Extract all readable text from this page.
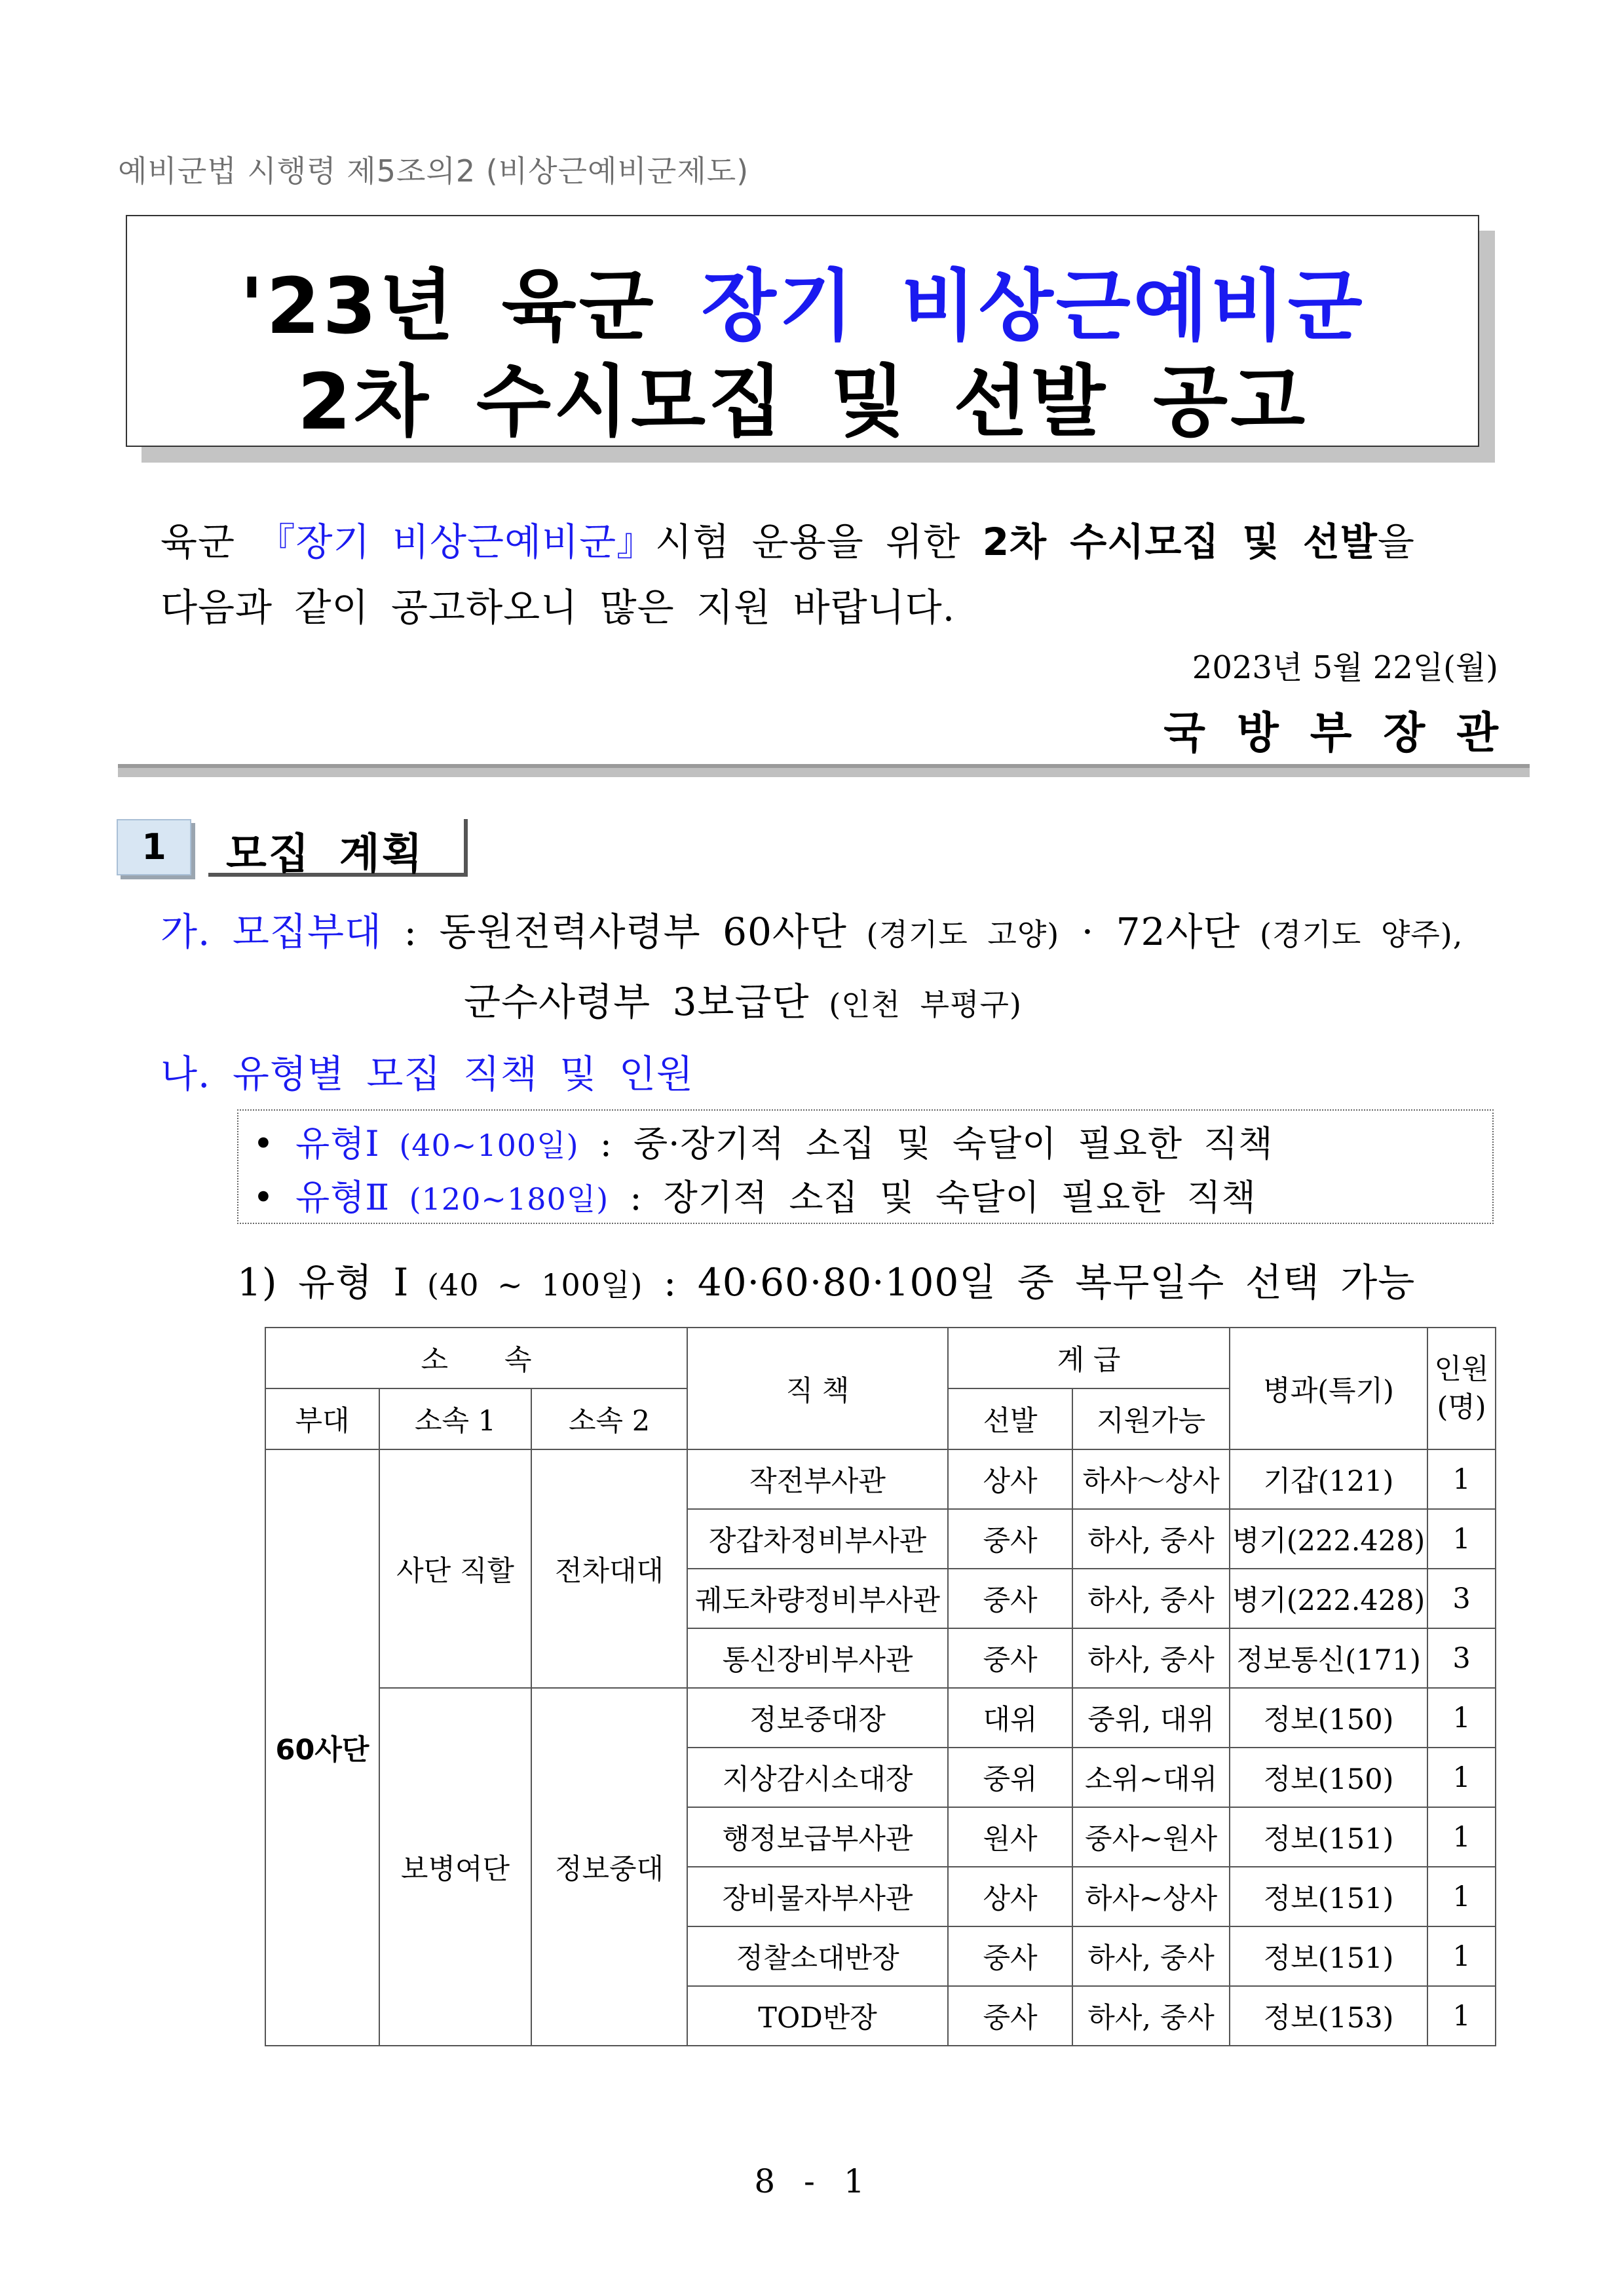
예비군법 시행령 제5조의2 (비상근예비군제도)
'23년 육군 장기 비상근예비군
2차 수시모집 및 선발 공고
육군 『장기 비상근예비군』시험 운용을 위한 2차 수시모집 및 선발을
다음과 같이 공고하오니 많은 지원 바랍니다.
2023년 5월 22일(월)
국방부장관
1	모집 계획
가. 모집부대 : 동원전력사령부 60사단 (경기도 고양) · 72사단 (경기도 양주),
군수사령부 3보급단 (인천 부평구)
나. 유형별 모집 직책 및 인원
• 유형Ⅰ (40~100일) : 중·장기적 소집 및 숙달이 필요한 직책
• 유형Ⅱ (120~180일) : 장기적 소집 및 숙달이 필요한 직책
1) 유형 Ⅰ (40 ~ 100일) : 40·60·80·100일 중 복무일수 선택 가능
소　　속			직 책	계 급		병과(특기)	인원
(명)
부대	소속 1	소속 2		선발	지원가능		
60사단	사단 직할	전차대대	작전부사관	상사	하사～상사	기갑(121)	1
			장갑차정비부사관	중사	하사, 중사	병기(222.428)	1
			궤도차량정비부사관	중사	하사, 중사	병기(222.428)	3
			통신장비부사관	중사	하사, 중사	정보통신(171)	3
	보병여단	정보중대	정보중대장	대위	중위, 대위	정보(150)	1
			지상감시소대장	중위	소위~대위	정보(150)	1
			행정보급부사관	원사	중사~원사	정보(151)	1
			장비물자부사관	상사	하사~상사	정보(151)	1
			정찰소대반장	중사	하사, 중사	정보(151)	1
			TOD반장	중사	하사, 중사	정보(153)	1
8 - 1
